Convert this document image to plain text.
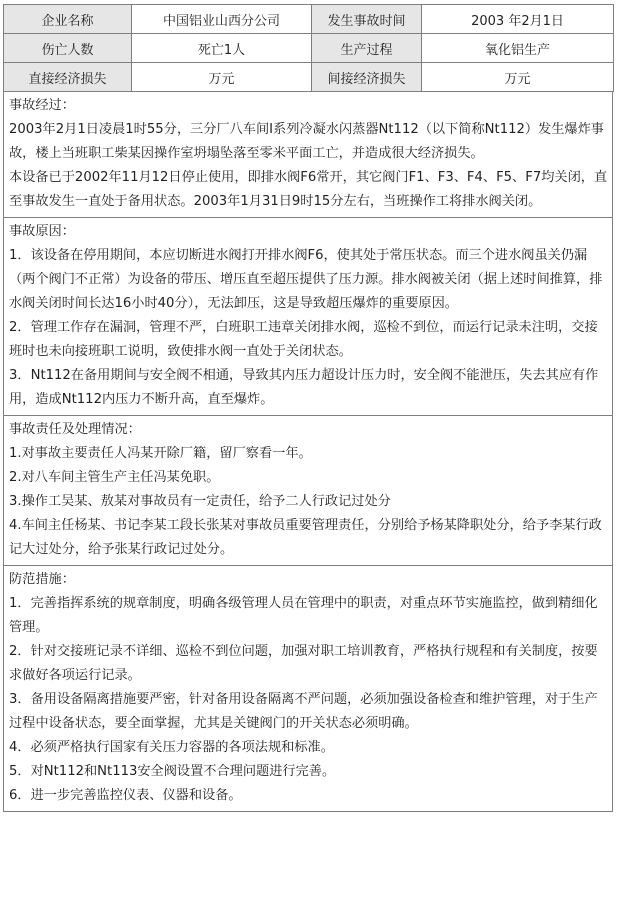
企业名称	中国铝业山西分公司	发生事故时间	2003 年2月1日
伤亡人数	死亡1人	生产过程	氧化铝生产
直接经济损失	万元	间接经济损失	万元

事故经过：

2003年2月1日凌晨1时55分，三分厂八车间I系列冷凝水闪蒸器Nt112（以下简称Nt112）发生爆炸事故，楼上当班职工柴某因操作室坍塌坠落至零米平面工亡，并造成很大经济损失。

本设备已于2002年11月12日停止使用，即排水阀F6常开，其它阀门F1、F3、F4、F5、F7均关闭，直至事故发生一直处于备用状态。2003年1月31日9时15分左右，当班操作工将排水阀关闭。

事故原因：

1．该设备在停用期间，本应切断进水阀打开排水阀F6，使其处于常压状态。而三个进水阀虽关仍漏（两个阀门不正常）为设备的带压、增压直至超压提供了压力源。排水阀被关闭（据上述时间推算，排水阀关闭时间长达16小时40分），无法卸压，这是导致超压爆炸的重要原因。

2．管理工作存在漏洞，管理不严，白班职工违章关闭排水阀，巡检不到位，而运行记录未注明，交接班时也未向接班职工说明，致使排水阀一直处于关闭状态。

3．Nt112在备用期间与安全阀不相通，导致其内压力超设计压力时，安全阀不能泄压，失去其应有作用，造成Nt112内压力不断升高，直至爆炸。

事故责任及处理情况：

1.对事故主要责任人冯某开除厂籍，留厂察看一年。

2.对八车间主管生产主任冯某免职。

3.操作工吴某、敖某对事故员有一定责任，给予二人行政记过处分

4.车间主任杨某、书记李某工段长张某对事故员重要管理责任，分别给予杨某降职处分，给予李某行政记大过处分，给予张某行政记过处分。

防范措施：

1．完善指挥系统的规章制度，明确各级管理人员在管理中的职责，对重点环节实施监控，做到精细化管理。

2．针对交接班记录不详细、巡检不到位问题，加强对职工培训教育，严格执行规程和有关制度，按要求做好各项运行记录。

3．备用设备隔离措施要严密，针对备用设备隔离不严问题，必须加强设备检查和维护管理，对于生产过程中设备状态，要全面掌握，尤其是关键阀门的开关状态必须明确。

4．必须严格执行国家有关压力容器的各项法规和标准。

5．对Nt112和Nt113安全阀设置不合理问题进行完善。

6．进一步完善监控仪表、仪器和设备。
